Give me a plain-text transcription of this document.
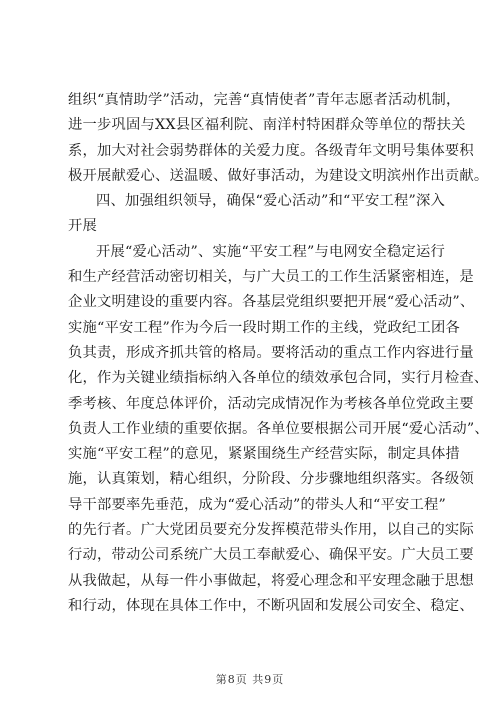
组织“真情助学”活动，完善“真情使者”青年志愿者活动机制，
进一步巩固与XX县区福利院、南洋村特困群众等单位的帮扶关
系，加大对社会弱势群体的关爱力度。各级青年文明号集体要积
极开展献爱心、送温暖、做好事活动，为建设文明滨州作出贡献。
四、加强组织领导，确保“爱心活动”和“平安工程”深入
开展
开展“爱心活动”、实施“平安工程”与电网安全稳定运行
和生产经营活动密切相关，与广大员工的工作生活紧密相连，是
企业文明建设的重要内容。各基层党组织要把开展“爱心活动”、
实施“平安工程”作为今后一段时期工作的主线，党政纪工团各
负其责，形成齐抓共管的格局。要将活动的重点工作内容进行量
化，作为关键业绩指标纳入各单位的绩效承包合同，实行月检查、
季考核、年度总体评价，活动完成情况作为考核各单位党政主要
负责人工作业绩的重要依据。各单位要根据公司开展“爱心活动”、
实施“平安工程”的意见，紧紧围绕生产经营实际，制定具体措
施，认真策划，精心组织，分阶段、分步骤地组织落实。各级领
导干部要率先垂范，成为“爱心活动”的带头人和“平安工程”
的先行者。广大党团员要充分发挥模范带头作用，以自己的实际
行动，带动公司系统广大员工奉献爱心、确保平安。广大员工要
从我做起，从每一件小事做起，将爱心理念和平安理念融于思想
和行动，体现在具体工作中，不断巩固和发展公司安全、稳定、
第8页 共9页
